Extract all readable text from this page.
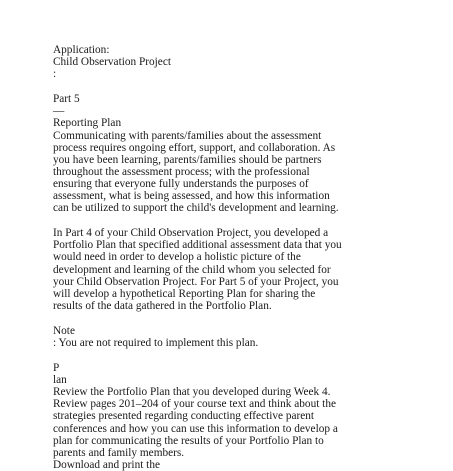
Application:
Child Observation Project
:
Part 5
—
Reporting Plan
Communicating with parents/families about the assessment
process requires ongoing effort, support, and collaboration. As
you have been learning, parents/families should be partners
throughout the assessment process; with the professional
ensuring that everyone fully understands the purposes of
assessment, what is being assessed, and how this information
can be utilized to support the child's development and learning.
In Part 4 of your Child Observation Project, you developed a
Portfolio Plan that specified additional assessment data that you
would need in order to develop a holistic picture of the
development and learning of the child whom you selected for
your Child Observation Project. For Part 5 of your Project, you
will develop a hypothetical Reporting Plan for sharing the
results of the data gathered in the Portfolio Plan.
Note
: You are not required to implement this plan.
P
lan
Review the Portfolio Plan that you developed during Week 4.
Review pages 201–204 of your course text and think about the
strategies presented regarding conducting effective parent
conferences and how you can use this information to develop a
plan for communicating the results of your Portfolio Plan to
parents and family members.
Download and print the
